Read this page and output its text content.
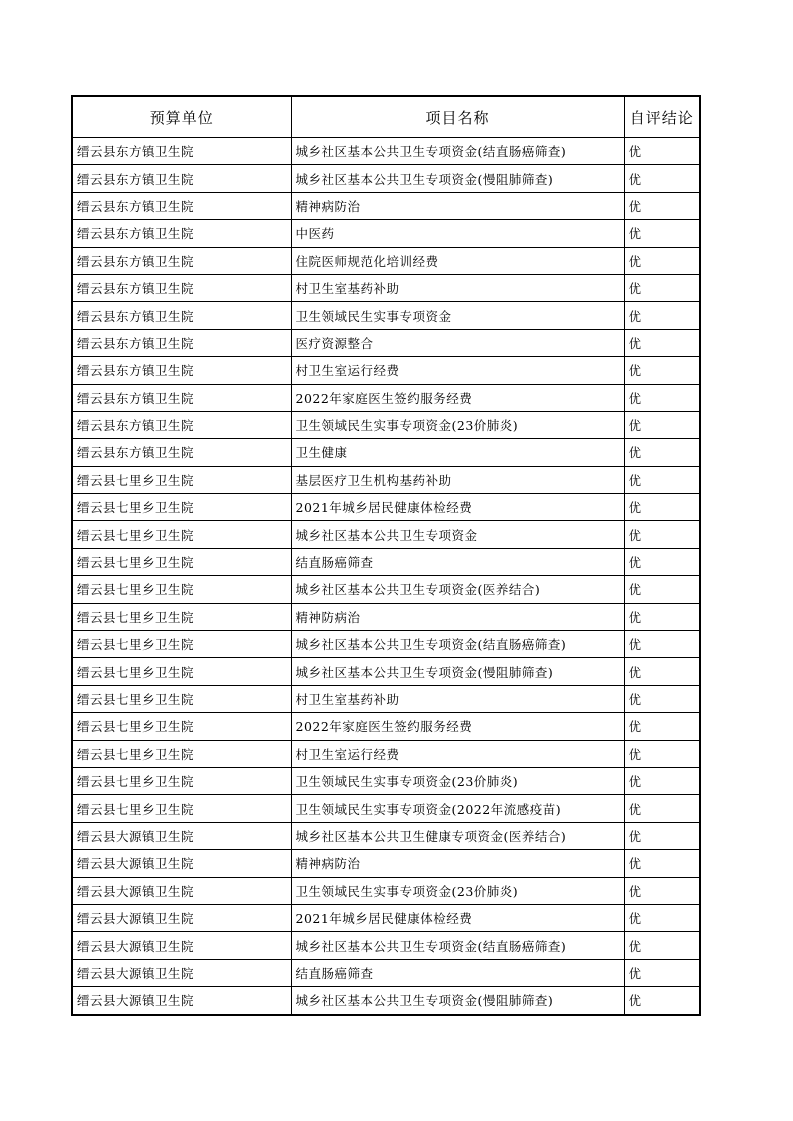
预算单位	项目名称	自评结论
缙云县东方镇卫生院	城乡社区基本公共卫生专项资金(结直肠癌筛查)	优
缙云县东方镇卫生院	城乡社区基本公共卫生专项资金(慢阻肺筛查)	优
缙云县东方镇卫生院	精神病防治	优
缙云县东方镇卫生院	中医药	优
缙云县东方镇卫生院	住院医师规范化培训经费	优
缙云县东方镇卫生院	村卫生室基药补助	优
缙云县东方镇卫生院	卫生领域民生实事专项资金	优
缙云县东方镇卫生院	医疗资源整合	优
缙云县东方镇卫生院	村卫生室运行经费	优
缙云县东方镇卫生院	2022年家庭医生签约服务经费	优
缙云县东方镇卫生院	卫生领域民生实事专项资金(23价肺炎)	优
缙云县东方镇卫生院	卫生健康	优
缙云县七里乡卫生院	基层医疗卫生机构基药补助	优
缙云县七里乡卫生院	2021年城乡居民健康体检经费	优
缙云县七里乡卫生院	城乡社区基本公共卫生专项资金	优
缙云县七里乡卫生院	结直肠癌筛查	优
缙云县七里乡卫生院	城乡社区基本公共卫生专项资金(医养结合)	优
缙云县七里乡卫生院	精神防病治	优
缙云县七里乡卫生院	城乡社区基本公共卫生专项资金(结直肠癌筛查)	优
缙云县七里乡卫生院	城乡社区基本公共卫生专项资金(慢阻肺筛查)	优
缙云县七里乡卫生院	村卫生室基药补助	优
缙云县七里乡卫生院	2022年家庭医生签约服务经费	优
缙云县七里乡卫生院	村卫生室运行经费	优
缙云县七里乡卫生院	卫生领域民生实事专项资金(23价肺炎)	优
缙云县七里乡卫生院	卫生领域民生实事专项资金(2022年流感疫苗)	优
缙云县大源镇卫生院	城乡社区基本公共卫生健康专项资金(医养结合)	优
缙云县大源镇卫生院	精神病防治	优
缙云县大源镇卫生院	卫生领域民生实事专项资金(23价肺炎)	优
缙云县大源镇卫生院	2021年城乡居民健康体检经费	优
缙云县大源镇卫生院	城乡社区基本公共卫生专项资金(结直肠癌筛查)	优
缙云县大源镇卫生院	结直肠癌筛查	优
缙云县大源镇卫生院	城乡社区基本公共卫生专项资金(慢阻肺筛查)	优
